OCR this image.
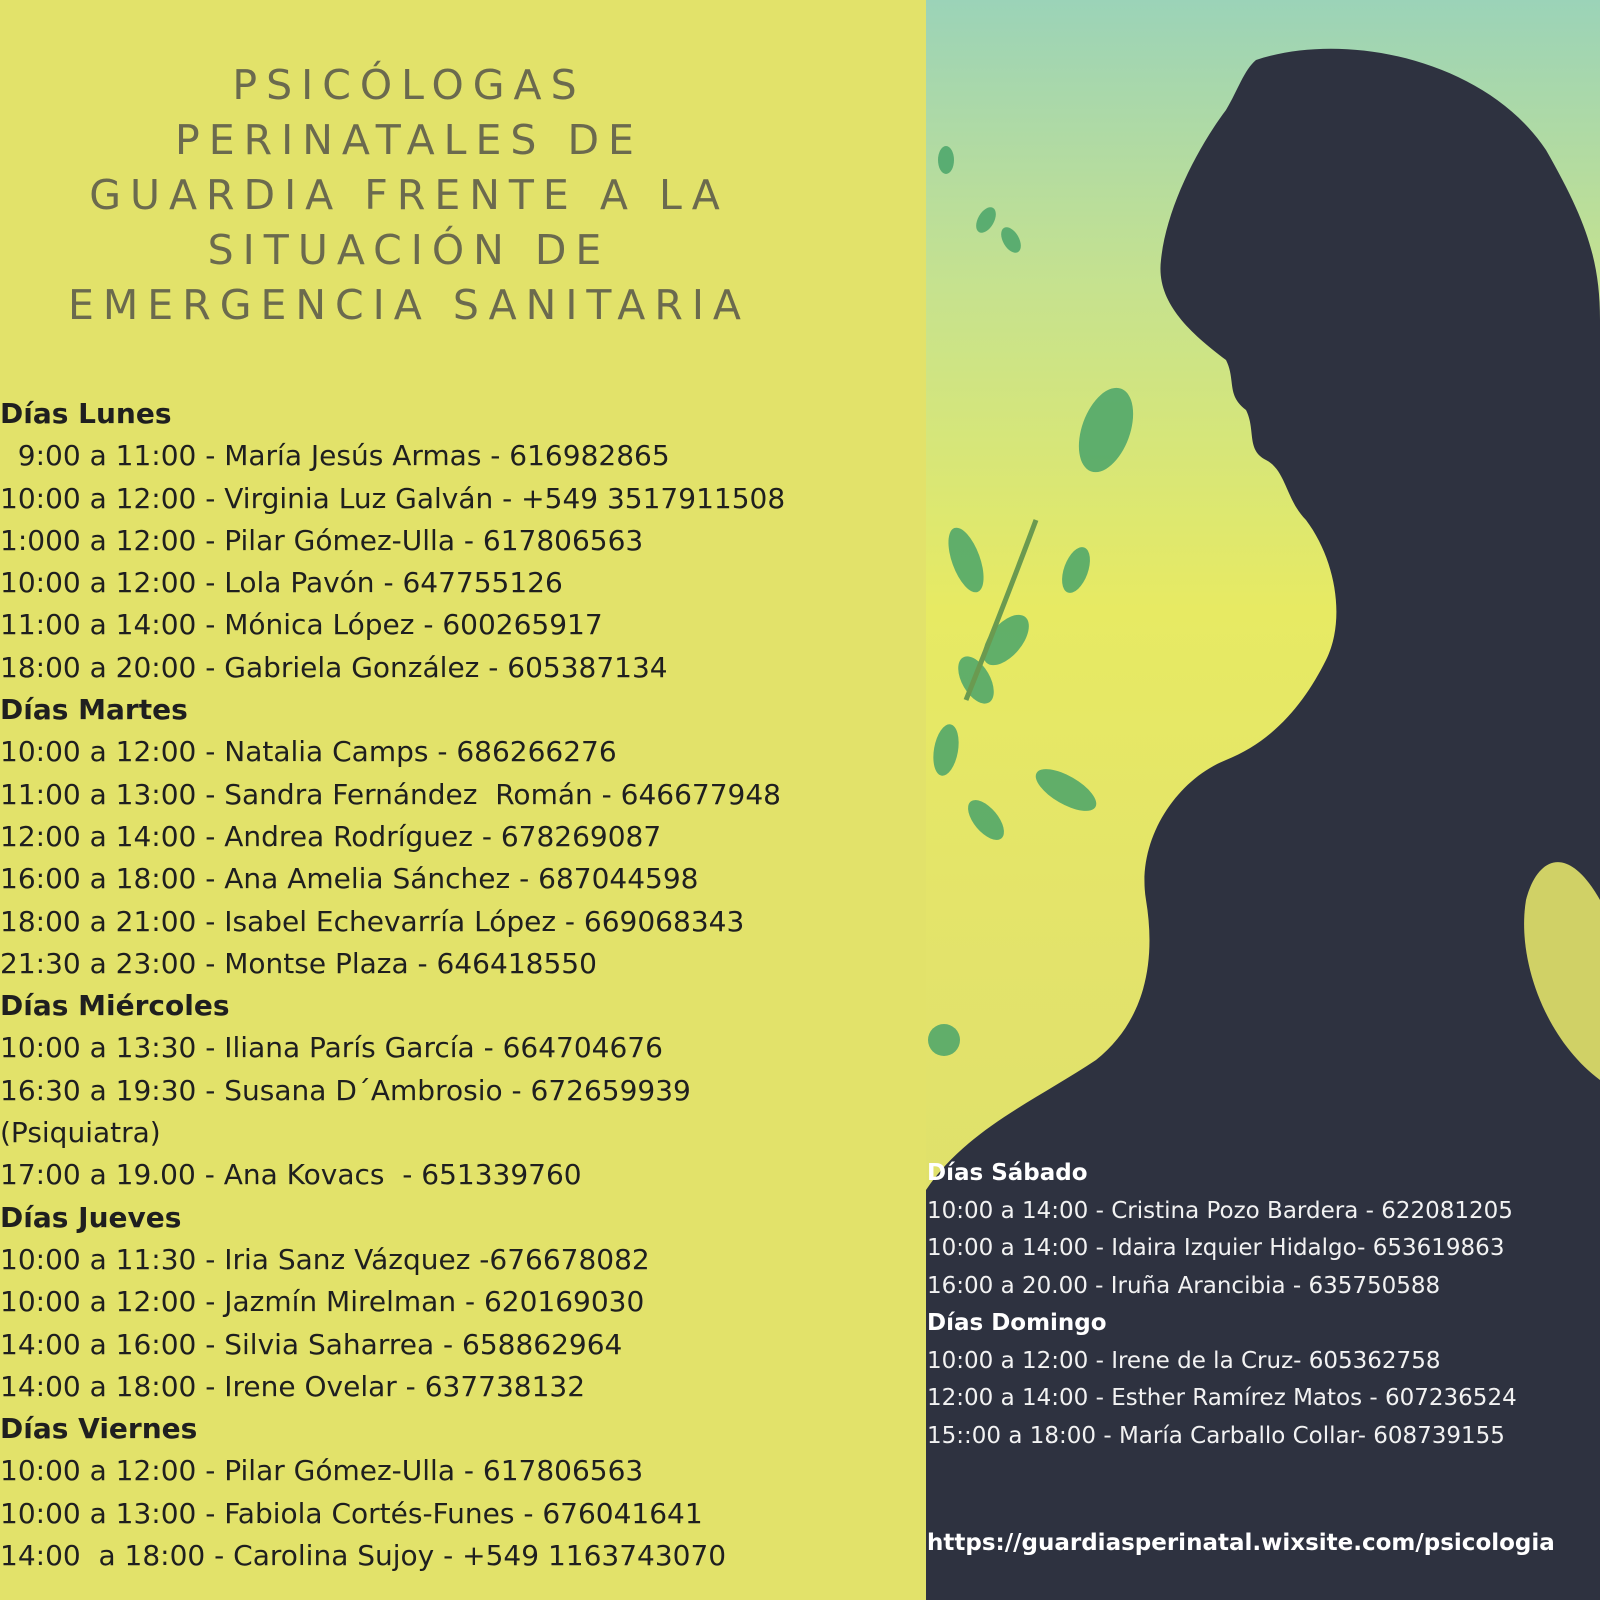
PSICÓLOGAS
PERINATALES DE
GUARDIA FRENTE A LA
SITUACIÓN DE
EMERGENCIA SANITARIA
Días Lunes
9:00 a 11:00 - María Jesús Armas - 616982865
10:00 a 12:00 - Virginia Luz Galván - +549 3517911508
1:000 a 12:00 - Pilar Gómez-Ulla - 617806563
10:00 a 12:00 - Lola Pavón - 647755126
11:00 a 14:00 - Mónica López - 600265917
18:00 a 20:00 - Gabriela González - 605387134
Días Martes
10:00 a 12:00 - Natalia Camps - 686266276
11:00 a 13:00 - Sandra Fernández  Román - 646677948
12:00 a 14:00 - Andrea Rodríguez - 678269087
16:00 a 18:00 - Ana Amelia Sánchez - 687044598
18:00 a 21:00 - Isabel Echevarría López - 669068343
21:30 a 23:00 - Montse Plaza - 646418550
Días Miércoles
10:00 a 13:30 - Iliana París García - 664704676
16:30 a 19:30 - Susana D´Ambrosio - 672659939
(Psiquiatra)
17:00 a 19.00 - Ana Kovacs  - 651339760
Días Jueves
10:00 a 11:30 - Iria Sanz Vázquez -676678082
10:00 a 12:00 - Jazmín Mirelman - 620169030
14:00 a 16:00 - Silvia Saharrea - 658862964
14:00 a 18:00 - Irene Ovelar - 637738132
Días Viernes
10:00 a 12:00 - Pilar Gómez-Ulla - 617806563
10:00 a 13:00 - Fabiola Cortés-Funes - 676041641
14:00  a 18:00 - Carolina Sujoy - +549 1163743070
Días Sábado
10:00 a 14:00 - Cristina Pozo Bardera - 622081205
10:00 a 14:00 - Idaira Izquier Hidalgo- 653619863
16:00 a 20.00 - Iruña Arancibia - 635750588
Días Domingo
10:00 a 12:00 - Irene de la Cruz- 605362758
12:00 a 14:00 - Esther Ramírez Matos - 607236524
15::00 a 18:00 - María Carballo Collar- 608739155
https://guardiasperinatal.wixsite.com/psicologia
